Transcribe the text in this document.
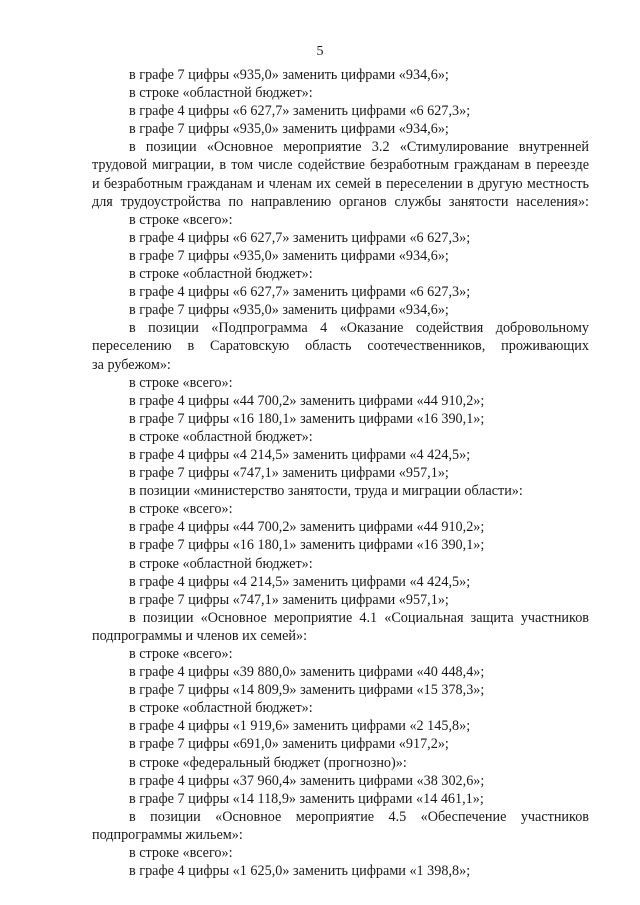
5
в графе 7 цифры «935,0» заменить цифрами «934,6»;
в строке «областной бюджет»:
в графе 4 цифры «6 627,7» заменить цифрами «6 627,3»;
в графе 7 цифры «935,0» заменить цифрами «934,6»;
в позиции «Основное мероприятие 3.2 «Стимулирование внутренней
трудовой миграции, в том числе содействие безработным гражданам в переезде
и безработным гражданам и членам их семей в переселении в другую местность
для трудоустройства по направлению органов службы занятости населения»:
в строке «всего»:
в графе 4 цифры «6 627,7» заменить цифрами «6 627,3»;
в графе 7 цифры «935,0» заменить цифрами «934,6»;
в строке «областной бюджет»:
в графе 4 цифры «6 627,7» заменить цифрами «6 627,3»;
в графе 7 цифры «935,0» заменить цифрами «934,6»;
в позиции «Подпрограмма 4 «Оказание содействия добровольному
переселению в Саратовскую область соотечественников, проживающих
за рубежом»:
в строке «всего»:
в графе 4 цифры «44 700,2» заменить цифрами «44 910,2»;
в графе 7 цифры «16 180,1» заменить цифрами «16 390,1»;
в строке «областной бюджет»:
в графе 4 цифры «4 214,5» заменить цифрами «4 424,5»;
в графе 7 цифры «747,1» заменить цифрами «957,1»;
в позиции «министерство занятости, труда и миграции области»:
в строке «всего»:
в графе 4 цифры «44 700,2» заменить цифрами «44 910,2»;
в графе 7 цифры «16 180,1» заменить цифрами «16 390,1»;
в строке «областной бюджет»:
в графе 4 цифры «4 214,5» заменить цифрами «4 424,5»;
в графе 7 цифры «747,1» заменить цифрами «957,1»;
в позиции «Основное мероприятие 4.1 «Социальная защита участников
подпрограммы и членов их семей»:
в строке «всего»:
в графе 4 цифры «39 880,0» заменить цифрами «40 448,4»;
в графе 7 цифры «14 809,9» заменить цифрами «15 378,3»;
в строке «областной бюджет»:
в графе 4 цифры «1 919,6» заменить цифрами «2 145,8»;
в графе 7 цифры «691,0» заменить цифрами «917,2»;
в строке «федеральный бюджет (прогнозно)»:
в графе 4 цифры «37 960,4» заменить цифрами «38 302,6»;
в графе 7 цифры «14 118,9» заменить цифрами «14 461,1»;
в позиции «Основное мероприятие 4.5 «Обеспечение участников
подпрограммы жильем»:
в строке «всего»:
в графе 4 цифры «1 625,0» заменить цифрами «1 398,8»;
